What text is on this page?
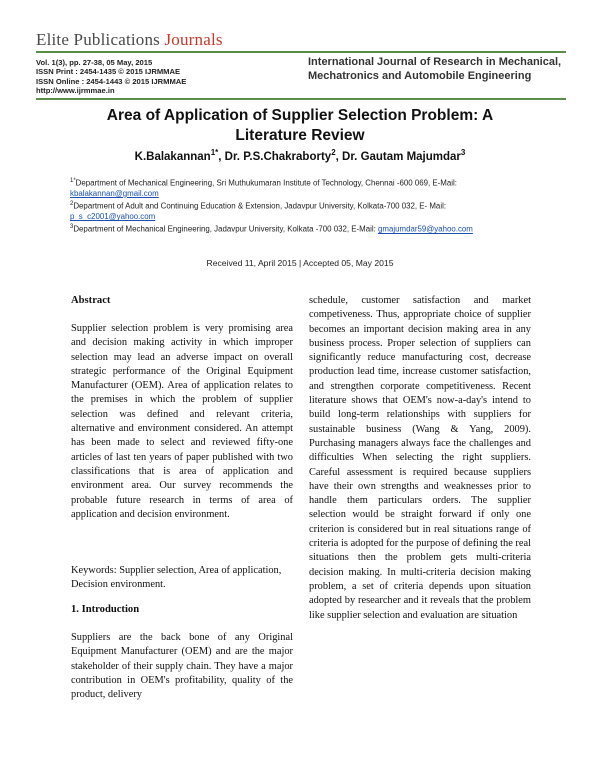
Elite Publications Journals
Vol. 1(3), pp. 27-38, 05 May, 2015
ISSN Print : 2454-1435 © 2015 IJRMMAE
ISSN Online : 2454-1443 © 2015 IJRMMAE
http://www.ijrmmae.in
International Journal of Research in Mechanical, Mechatronics and Automobile Engineering
Area of Application of Supplier Selection Problem: A
Literature Review
K.Balakannan$^{1*}$, Dr. P.S.Chakraborty$^2$, Dr. Gautam Majumdar$^3$
$^{1*}$Department of Mechanical Engineering, Sri Muthukumaran Institute of Technology, Chennai -600 069, E-Mail: kbalakannan@gmail.com
$^2$Department of Adult and Continuing Education & Extension, Jadavpur University, Kolkata-700 032, E- Mail: p_s_c2001@yahoo.com
$^3$Department of Mechanical Engineering, Jadavpur University, Kolkata -700 032, E-Mail: gmajumdar59@yahoo.com
Received 11, April 2015 | Accepted 05, May 2015
Abstract
Supplier selection problem is very promising area and decision making activity in which improper selection may lead an adverse impact on overall strategic performance of the Original Equipment Manufacturer (OEM). Area of application relates to the premises in which the problem of supplier selection was defined and relevant criteria, alternative and environment considered. An attempt has been made to select and reviewed fifty-one articles of last ten years of paper published with two classifications that is area of application and environment area. Our survey recommends the probable future research in terms of area of application and decision environment.
Keywords: Supplier selection, Area of application, Decision environment.
1. Introduction
Suppliers are the back bone of any Original Equipment Manufacturer (OEM) and are the major stakeholder of their supply chain. They have a major contribution in OEM's profitability, quality of the product, delivery
schedule, customer satisfaction and market competiveness. Thus, appropriate choice of supplier becomes an important decision making area in any business process. Proper selection of suppliers can significantly reduce manufacturing cost, decrease production lead time, increase customer satisfaction, and strengthen corporate competitiveness. Recent literature shows that OEM's now-a-day's intend to build long-term relationships with suppliers for sustainable business (Wang & Yang, 2009). Purchasing managers always face the challenges and difficulties When selecting the right suppliers. Careful assessment is required because suppliers have their own strengths and weaknesses prior to handle them particulars orders. The supplier selection would be straight forward if only one criterion is considered but in real situations range of criteria is adopted for the purpose of defining the real situations then the problem gets multi-criteria decision making. In multi-criteria decision making problem, a set of criteria depends upon situation adopted by researcher and it reveals that the problem like supplier selection and evaluation are situation
